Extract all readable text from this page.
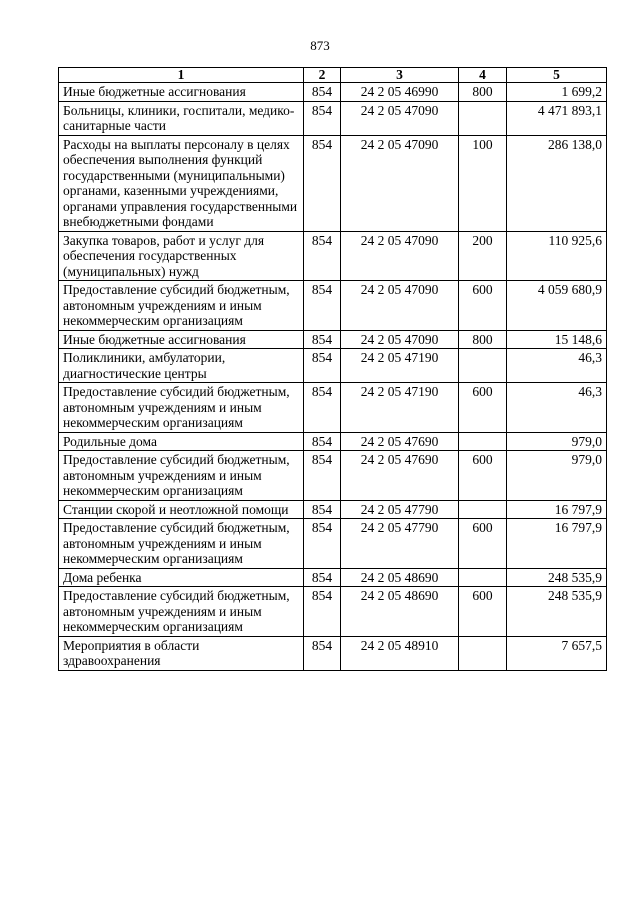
873
1	2	3	4	5
Иные бюджетные ассигнования	854	24 2 05 46990	800	1 699,2
Больницы, клиники, госпитали, медико-санитарные части	854	24 2 05 47090		4 471 893,1
Расходы на выплаты персоналу в целях обеспечения выполнения функций государственными (муниципальными) органами, казенными учреждениями, органами управления государственными внебюджетными фондами	854	24 2 05 47090	100	286 138,0
Закупка товаров, работ и услуг для обеспечения государственных (муниципальных) нужд	854	24 2 05 47090	200	110 925,6
Предоставление субсидий бюджетным, автономным учреждениям и иным некоммерческим организациям	854	24 2 05 47090	600	4 059 680,9
Иные бюджетные ассигнования	854	24 2 05 47090	800	15 148,6
Поликлиники, амбулатории, диагностические центры	854	24 2 05 47190		46,3
Предоставление субсидий бюджетным, автономным учреждениям и иным некоммерческим организациям	854	24 2 05 47190	600	46,3
Родильные дома	854	24 2 05 47690		979,0
Предоставление субсидий бюджетным, автономным учреждениям и иным некоммерческим организациям	854	24 2 05 47690	600	979,0
Станции скорой и неотложной помощи	854	24 2 05 47790		16 797,9
Предоставление субсидий бюджетным, автономным учреждениям и иным некоммерческим организациям	854	24 2 05 47790	600	16 797,9
Дома ребенка	854	24 2 05 48690		248 535,9
Предоставление субсидий бюджетным, автономным учреждениям и иным некоммерческим организациям	854	24 2 05 48690	600	248 535,9
Мероприятия в области здравоохранения	854	24 2 05 48910		7 657,5
